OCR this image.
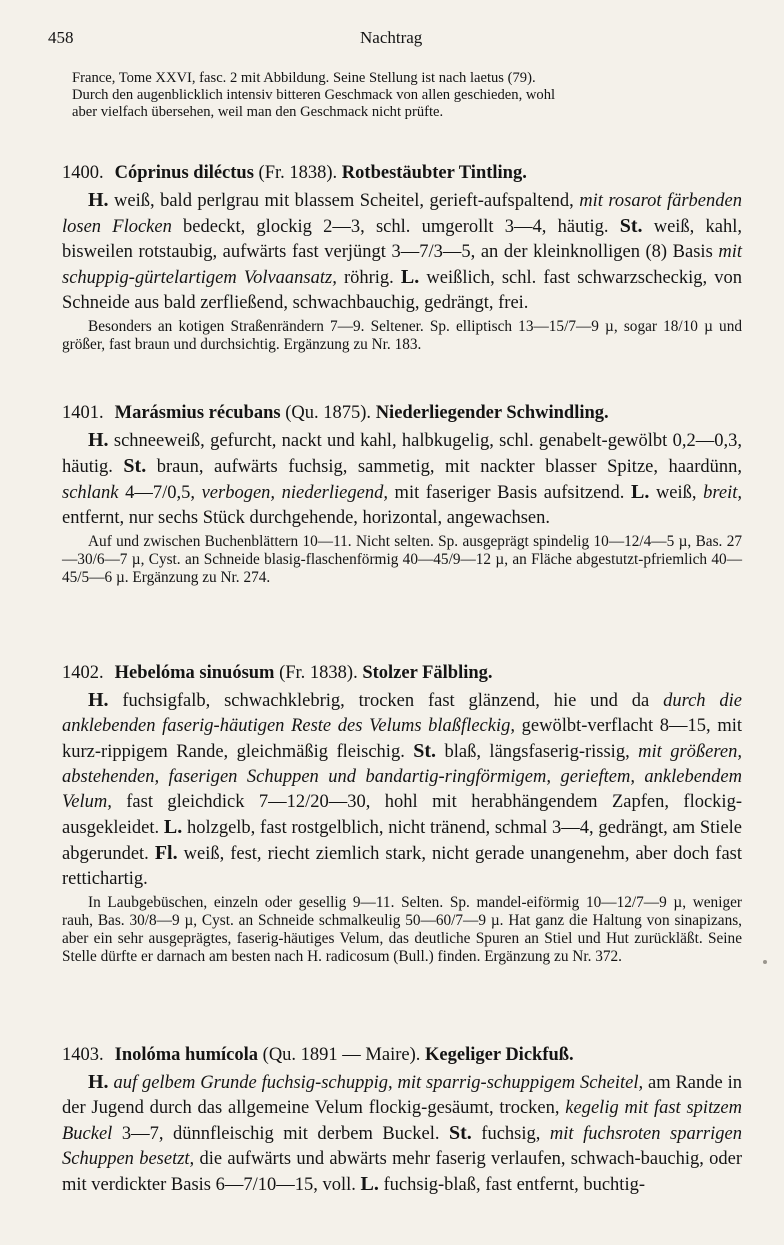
458	Nachtrag
France, Tome XXVI, fasc. 2 mit Abbildung. Seine Stellung ist nach laetus (79).
Durch den augenblicklich intensiv bitteren Geschmack von allen geschieden, wohl
aber vielfach übersehen, weil man den Geschmack nicht prüfte.
1400. Cóprinus diléctus (Fr. 1838). Rotbestäubter Tintling.
H. weiß, bald perlgrau mit blassem Scheitel, gerieft-aufspaltend, mit rosarot färbenden losen Flocken bedeckt, glockig 2—3, schl. umgerollt 3—4, häutig. St. weiß, kahl, bisweilen rotstaubig, aufwärts fast verjüngt 3—7/3—5, an der kleinknolligen (8) Basis mit schuppig-gürtelartigem Volvaansatz, röhrig. L. weißlich, schl. fast schwarzscheckig, von Schneide aus bald zerfließend, schwachbauchig, gedrängt, frei.
Besonders an kotigen Straßenrändern 7—9. Seltener. Sp. elliptisch 13—15/7—9 µ, sogar 18/10 µ und größer, fast braun und durchsichtig. Ergänzung zu Nr. 183.
1401. Marásmius récubans (Qu. 1875). Niederliegender Schwindling.
H. schneeweiß, gefurcht, nackt und kahl, halbkugelig, schl. genabelt-gewölbt 0,2—0,3, häutig. St. braun, aufwärts fuchsig, sammetig, mit nackter blasser Spitze, haardünn, schlank 4—7/0,5, verbogen, niederliegend, mit faseriger Basis aufsitzend. L. weiß, breit, entfernt, nur sechs Stück durchgehende, horizontal, angewachsen.
Auf und zwischen Buchenblättern 10—11. Nicht selten. Sp. ausgeprägt spindelig 10—12/4—5 µ, Bas. 27—30/6—7 µ, Cyst. an Schneide blasig-flaschenförmig 40—45/9—12 µ, an Fläche abgestutzt-pfriemlich 40—45/5—6 µ. Ergänzung zu Nr. 274.
1402. Hebelóma sinuósum (Fr. 1838). Stolzer Fälbling.
H. fuchsigfalb, schwachklebrig, trocken fast glänzend, hie und da durch die anklebenden faserig-häutigen Reste des Velums blaßfleckig, gewölbt-verflacht 8—15, mit kurz-rippigem Rande, gleichmäßig fleischig. St. blaß, längsfaserig-rissig, mit größeren, abstehenden, faserigen Schuppen und bandartig-ringförmigem, gerieftem, anklebendem Velum, fast gleichdick 7—12/20—30, hohl mit herabhängendem Zapfen, flockig-ausgekleidet. L. holzgelb, fast rostgelblich, nicht tränend, schmal 3—4, gedrängt, am Stiele abgerundet. Fl. weiß, fest, riecht ziemlich stark, nicht gerade unangenehm, aber doch fast rettichartig.
In Laubgebüschen, einzeln oder gesellig 9—11. Selten. Sp. mandel-eiförmig 10—12/7—9 µ, weniger rauh, Bas. 30/8—9 µ, Cyst. an Schneide schmalkeulig 50—60/7—9 µ. Hat ganz die Haltung von sinapizans, aber ein sehr ausgeprägtes, faserig-häutiges Velum, das deutliche Spuren an Stiel und Hut zurückläßt. Seine Stelle dürfte er darnach am besten nach H. radicosum (Bull.) finden. Ergänzung zu Nr. 372.
1403. Inolóma humícola (Qu. 1891 — Maire). Kegeliger Dickfuß.
H. auf gelbem Grunde fuchsig-schuppig, mit sparrig-schuppigem Scheitel, am Rande in der Jugend durch das allgemeine Velum flockig-gesäumt, trocken, kegelig mit fast spitzem Buckel 3—7, dünnfleischig mit derbem Buckel. St. fuchsig, mit fuchsroten sparrigen Schuppen besetzt, die aufwärts und abwärts mehr faserig verlaufen, schwach-bauchig, oder mit verdickter Basis 6—7/10—15, voll. L. fuchsig-blaß, fast entfernt, buchtig-
